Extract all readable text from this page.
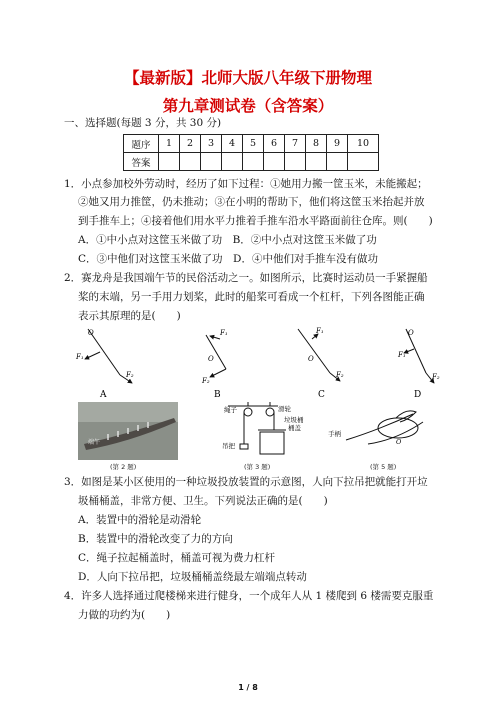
【最新版】北师大版八年级下册物理
第九章测试卷（含答案）
一、选择题(每题 3 分，共 30 分)
题序	1	2	3	4	5	6	7	8	9	10
答案										
1．小点参加校外劳动时，经历了如下过程：①她用力搬一筐玉米，未能搬起；
②她又用力推筐，仍未推动；③在小明的帮助下，他们将这筐玉米抬起并放
到手推车上；④接着他们用水平力推着手推车沿水平路面前往仓库。则(　　)
A．①中小点对这筐玉米做了功　B．②中小点对这筐玉米做了功
C．③中他们对这筐玉米做了功　D．④中他们对手推车没有做功
2．赛龙舟是我国端午节的民俗活动之一。如图所示，比赛时运动员一手紧握船
桨的末端，另一手用力划桨，此时的船桨可看成一个杠杆，下列各图能正确
表示其原理的是(　　)
O
F₁
F₂
A
F₁
O
F₂
B
F₁
O
F₂
C
O
F₁
F₂
D
端午
(第 2 题)
绳子	滑轮
垃圾桶
桶盖
吊把
(第 3 题)
O
手柄
(第 5 题)
3．如图是某小区使用的一种垃圾投放装置的示意图，人向下拉吊把就能打开垃
圾桶桶盖，非常方便、卫生。下列说法正确的是(　　)
A．装置中的滑轮是动滑轮
B．装置中的滑轮改变了力的方向
C．绳子拉起桶盖时，桶盖可视为费力杠杆
D．人向下拉吊把，垃圾桶桶盖绕最左端端点转动
4．许多人选择通过爬楼梯来进行健身，一个成年人从 1 楼爬到 6 楼需要克服重
力做的功约为(　　)
1 / 8
